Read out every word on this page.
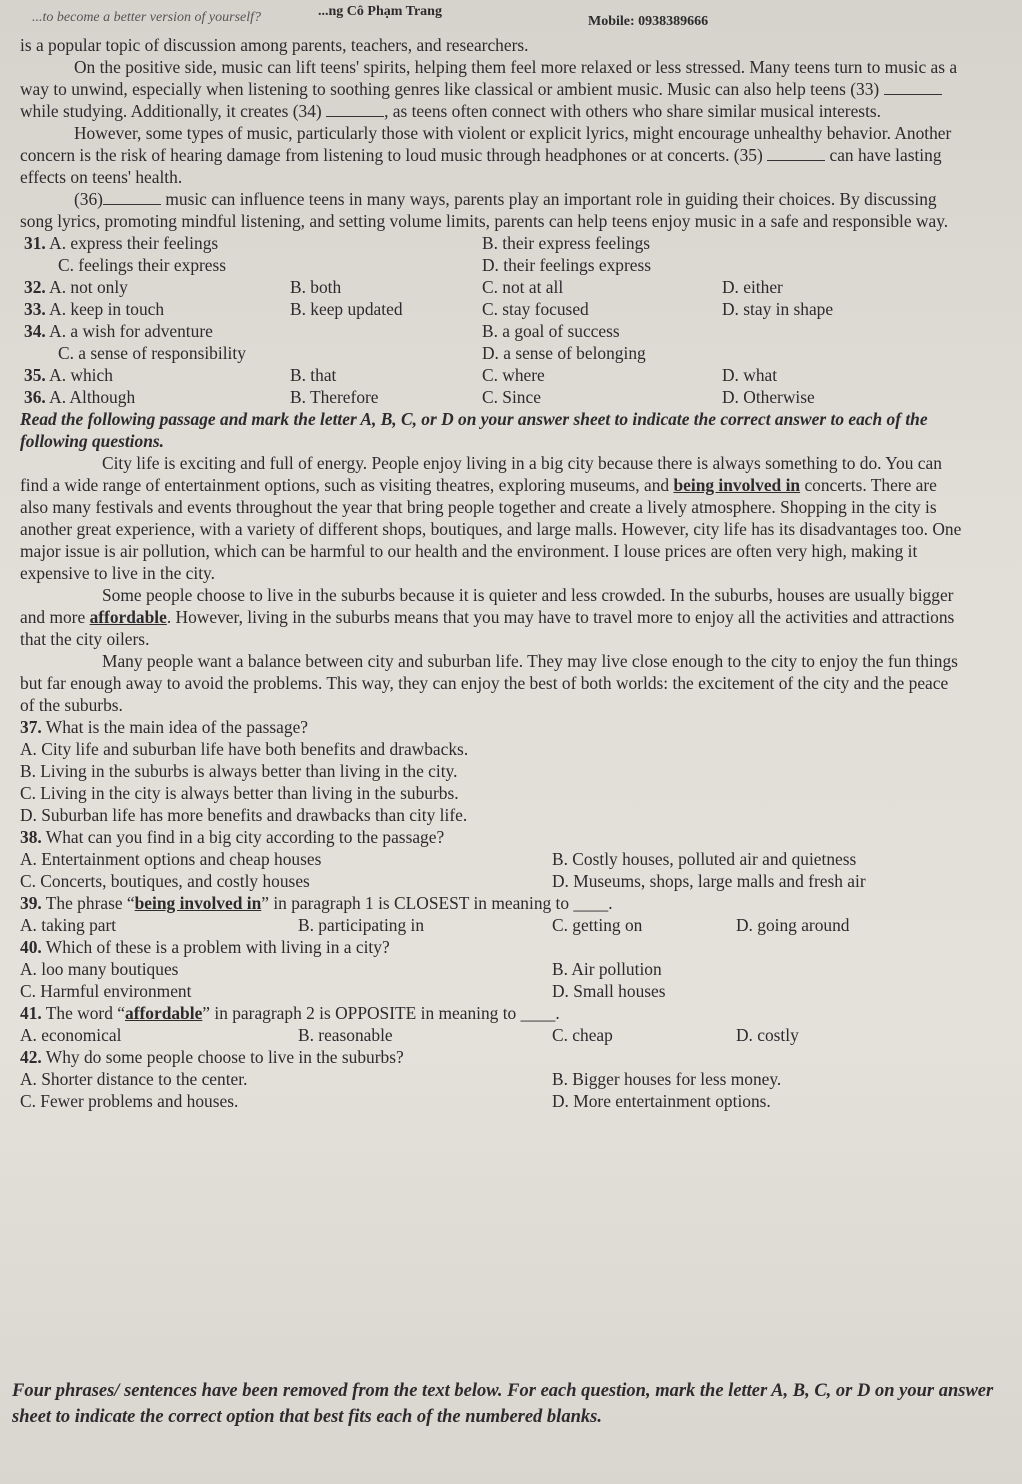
...to become a better version of yourself?	...ng Cô Phạm Trang
Mobile: 0938389666

is a popular topic of discussion among parents, teachers, and researchers.

On the positive side, music can lift teens' spirits, helping them feel more relaxed or less stressed. Many teens turn to music as a way to unwind, especially when listening to soothing genres like classical or ambient music. Music can also help teens (33)  while studying. Additionally, it creates (34)	, as teens often connect with others who share similar musical interests.

However, some types of music, particularly those with violent or explicit lyrics, might encourage unhealthy behavior. Another concern is the risk of hearing damage from listening to loud music through headphones or at concerts. (35)	can have lasting effects on teens' health.

(36)	music can influence teens in many ways, parents play an important role in guiding their choices. By discussing song lyrics, promoting mindful listening, and setting volume limits, parents can help teens enjoy music in a safe and responsible way.

31. A. express their feelings	B. their express feelings
C. feelings their express	D. their feelings express
32. A. not only	B. both	C. not at all	D. either
33. A. keep in touch	B. keep updated	C. stay focused	D. stay in shape
34. A. a wish for adventure	B. a goal of success
C. a sense of responsibility	D. a sense of belonging
35. A. which	B. that	C. where	D. what
36. A. Although	B. Therefore	C. Since	D. Otherwise

Read the following passage and mark the letter A, B, C, or D on your answer sheet to indicate the correct answer to each of the following questions.

City life is exciting and full of energy. People enjoy living in a big city because there is always something to do. You can find a wide range of entertainment options, such as visiting theatres, exploring museums, and being involved in concerts. There are also many festivals and events throughout the year that bring people together and create a lively atmosphere. Shopping in the city is another great experience, with a variety of different shops, boutiques, and large malls. However, city life has its disadvantages too. One major issue is air pollution, which can be harmful to our health and the environment. I louse prices are often very high, making it expensive to live in the city.

Some people choose to live in the suburbs because it is quieter and less crowded. In the suburbs, houses are usually bigger and more affordable. However, living in the suburbs means that you may have to travel more to enjoy all the activities and attractions that the city oilers.

Many people want a balance between city and suburban life. They may live close enough to the city to enjoy the fun things but far enough away to avoid the problems. This way, they can enjoy the best of both worlds: the excitement of the city and the peace of the suburbs.

37. What is the main idea of the passage?

A. City life and suburban life have both benefits and drawbacks.

B. Living in the suburbs is always better than living in the city.

C. Living in the city is always better than living in the suburbs.

D. Suburban life has more benefits and drawbacks than city life.

38. What can you find in a big city according to the passage?

A. Entertainment options and cheap houses	B. Costly houses, polluted air and quietness
C. Concerts, boutiques, and costly houses	D. Museums, shops, large malls and fresh air

39. The phrase “being involved in” in paragraph 1 is CLOSEST in meaning to ____.

A. taking part	B. participating in	C. getting on	D. going around

40. Which of these is a problem with living in a city?

A. loo many boutiques	B. Air pollution
C. Harmful environment	D. Small houses

41. The word “affordable” in paragraph 2 is OPPOSITE in meaning to ____.

A. economical	B. reasonable	C. cheap	D. costly

42. Why do some people choose to live in the suburbs?

A. Shorter distance to the center.	B. Bigger houses for less money.
C. Fewer problems and houses.	D. More entertainment options.

Four phrases/ sentences have been removed from the text below. For each question, mark the letter A, B, C, or D on your answer sheet to indicate the correct option that best fits each of the numbered blanks.
